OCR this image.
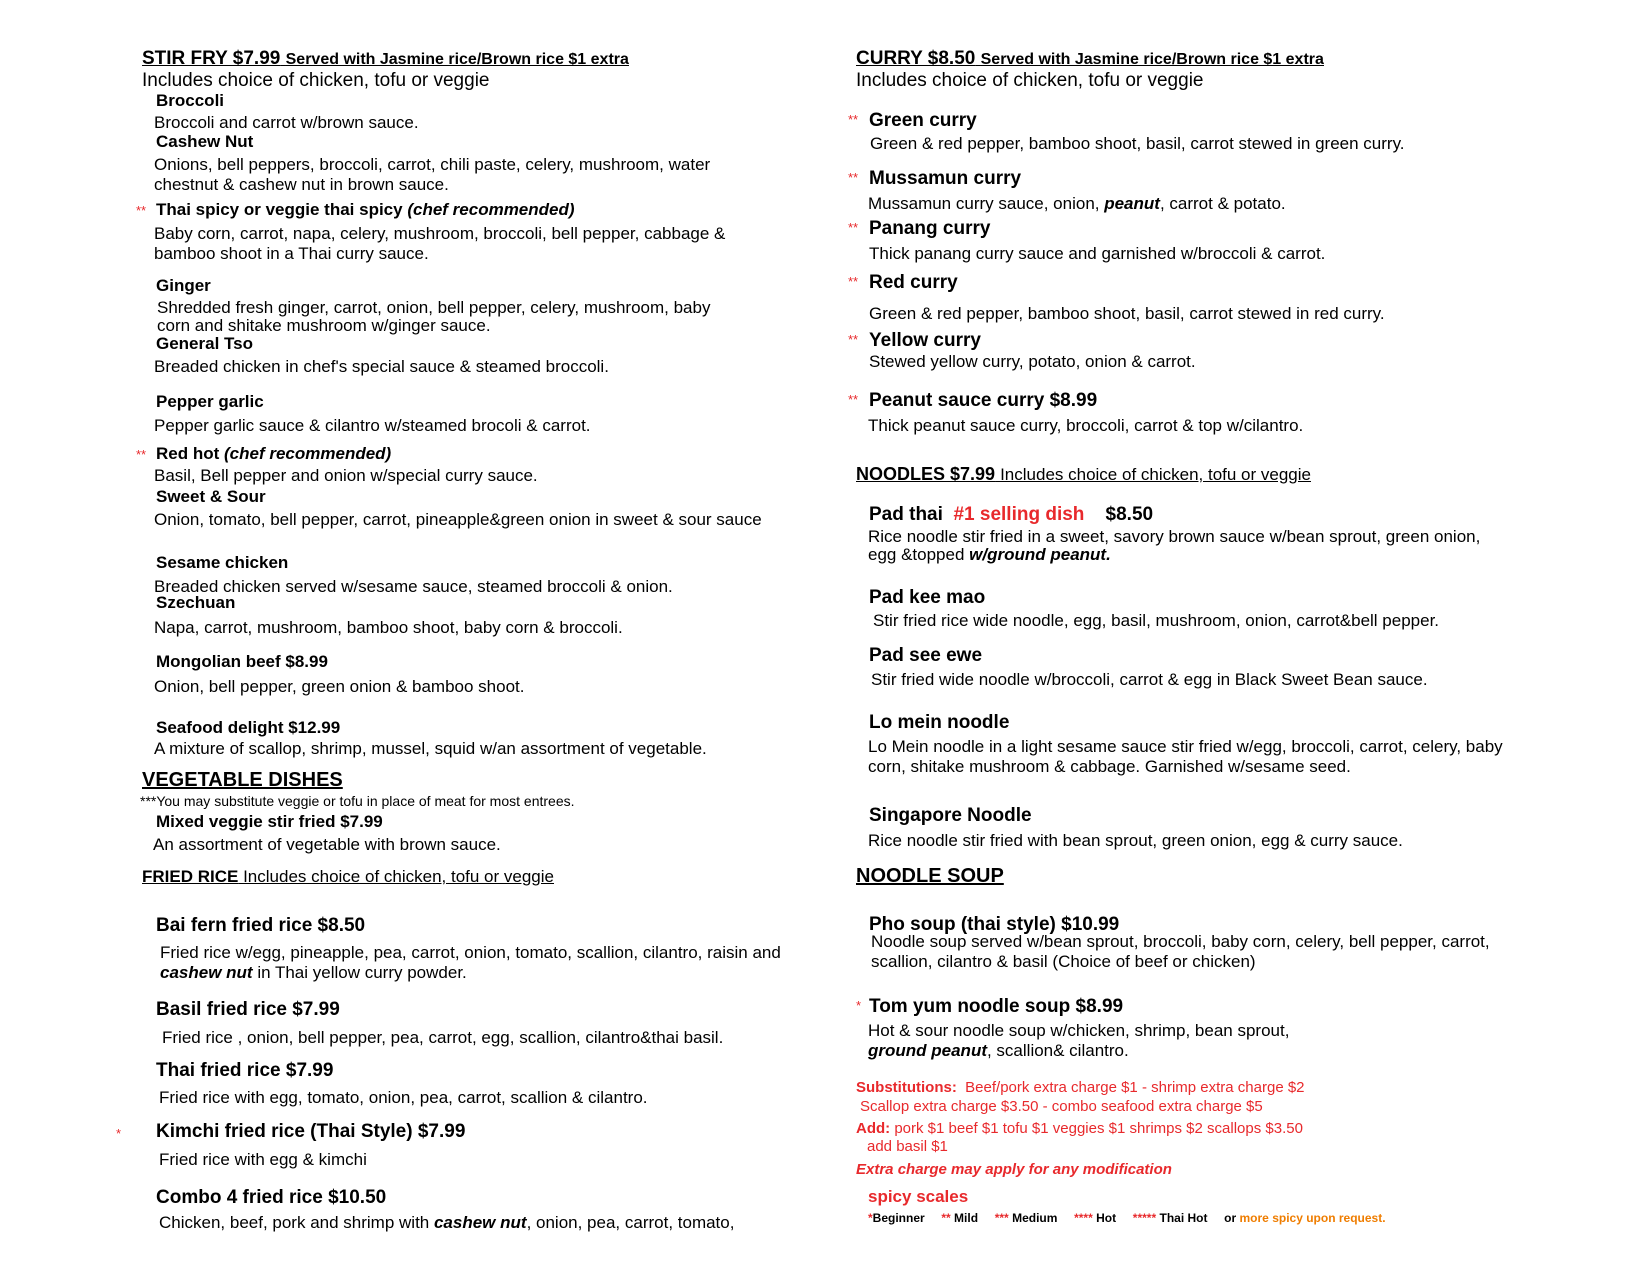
STIR FRY $7.99 Served with Jasmine rice/Brown rice $1 extra
Includes choice of chicken, tofu or veggie
Broccoli
Broccoli and carrot w/brown sauce.
Cashew Nut
Onions, bell peppers, broccoli, carrot, chili paste, celery, mushroom, water chestnut & cashew nut in brown sauce.
** Thai spicy or veggie thai spicy (chef recommended)
Baby corn, carrot, napa, celery, mushroom, broccoli, bell pepper, cabbage & bamboo shoot in a Thai curry sauce.
Ginger
Shredded fresh ginger, carrot, onion, bell pepper, celery, mushroom, baby corn and shitake mushroom w/ginger sauce.
General Tso
Breaded chicken in chef's special sauce & steamed broccoli.
Pepper garlic
Pepper garlic sauce & cilantro w/steamed brocoli & carrot.
** Red hot (chef recommended)
Basil, Bell pepper and onion w/special curry sauce.
Sweet & Sour
Onion, tomato, bell pepper, carrot, pineapple&green onion in sweet & sour sauce
Sesame chicken
Breaded chicken served w/sesame sauce, steamed broccoli & onion.
Szechuan
Napa, carrot, mushroom, bamboo shoot, baby corn & broccoli.
Mongolian beef $8.99
Onion, bell pepper, green onion & bamboo shoot.
Seafood delight $12.99
A mixture of scallop, shrimp, mussel, squid w/an assortment of vegetable.
VEGETABLE DISHES
***You may substitute veggie or tofu in place of meat for most entrees.
Mixed veggie stir fried $7.99
An assortment of vegetable with brown sauce.
FRIED RICE Includes choice of chicken, tofu or veggie
Bai fern fried rice $8.50
Fried rice w/egg, pineapple, pea, carrot, onion, tomato, scallion, cilantro, raisin and cashew nut in Thai yellow curry powder.
Basil fried rice $7.99
Fried rice , onion, bell pepper, pea, carrot, egg, scallion, cilantro&thai basil.
Thai fried rice $7.99
Fried rice with egg, tomato, onion, pea, carrot, scallion & cilantro.
* Kimchi fried rice (Thai Style) $7.99
Fried rice with egg & kimchi
Combo 4 fried rice $10.50
Chicken, beef, pork and shrimp with cashew nut, onion, pea, carrot, tomato,
CURRY $8.50 Served with Jasmine rice/Brown rice $1 extra
Includes choice of chicken, tofu or veggie
** Green curry
Green & red pepper, bamboo shoot, basil, carrot stewed in green curry.
** Mussamun curry
Mussamun curry sauce, onion, peanut, carrot & potato.
** Panang curry
Thick panang curry sauce and garnished w/broccoli & carrot.
** Red curry
Green & red pepper, bamboo shoot, basil, carrot stewed in red curry.
** Yellow curry
Stewed yellow curry, potato, onion & carrot.
** Peanut sauce curry $8.99
Thick peanut sauce curry, broccoli, carrot & top w/cilantro.
NOODLES $7.99 Includes choice of chicken, tofu or veggie
Pad thai #1 selling dish $8.50
Rice noodle stir fried in a sweet, savory brown sauce w/bean sprout, green onion, egg &topped w/ground peanut.
Pad kee mao
Stir fried rice wide noodle, egg, basil, mushroom, onion, carrot&bell pepper.
Pad see ewe
Stir fried wide noodle w/broccoli, carrot & egg in Black Sweet Bean sauce.
Lo mein noodle
Lo Mein noodle in a light sesame sauce stir fried w/egg, broccoli, carrot, celery, baby corn, shitake mushroom & cabbage. Garnished w/sesame seed.
Singapore Noodle
Rice noodle stir fried with bean sprout, green onion, egg & curry sauce.
NOODLE SOUP
Pho soup (thai style) $10.99
Noodle soup served w/bean sprout, broccoli, baby corn, celery, bell pepper, carrot, scallion, cilantro & basil (Choice of beef or chicken)
* Tom yum noodle soup $8.99
Hot & sour noodle soup w/chicken, shrimp, bean sprout, ground peanut, scallion& cilantro.
Substitutions: Beef/pork extra charge $1 - shrimp extra charge $2
Scallop extra charge $3.50 - combo seafood extra charge $5
Add: pork $1 beef $1 tofu $1 veggies $1 shrimps $2 scallops $3.50
add basil $1
Extra charge may apply for any modification
spicy scales
*Beginner ** Mild *** Medium **** Hot ***** Thai Hot or more spicy upon request.
